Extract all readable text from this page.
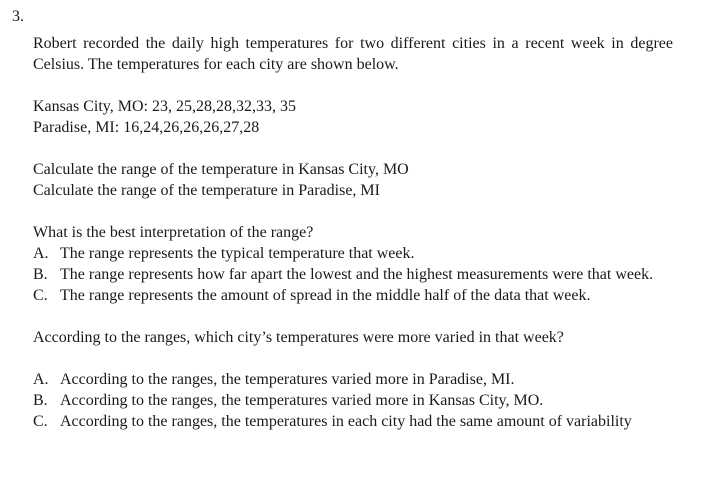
3.

Robert recorded the daily high temperatures for two different cities in a recent week in degree Celsius. The temperatures for each city are shown below.

Kansas City, MO: 23, 25,28,28,32,33, 35

Paradise, MI: 16,24,26,26,26,27,28

Calculate the range of the temperature in Kansas City, MO

Calculate the range of the temperature in Paradise, MI

What is the best interpretation of the range?

A. The range represents the typical temperature that week.
B. The range represents how far apart the lowest and the highest measurements were that week.
C. The range represents the amount of spread in the middle half of the data that week.

According to the ranges, which city’s temperatures were more varied in that week?

A. According to the ranges, the temperatures varied more in Paradise, MI.
B. According to the ranges, the temperatures varied more in Kansas City, MO.
C. According to the ranges, the temperatures in each city had the same amount of variability
